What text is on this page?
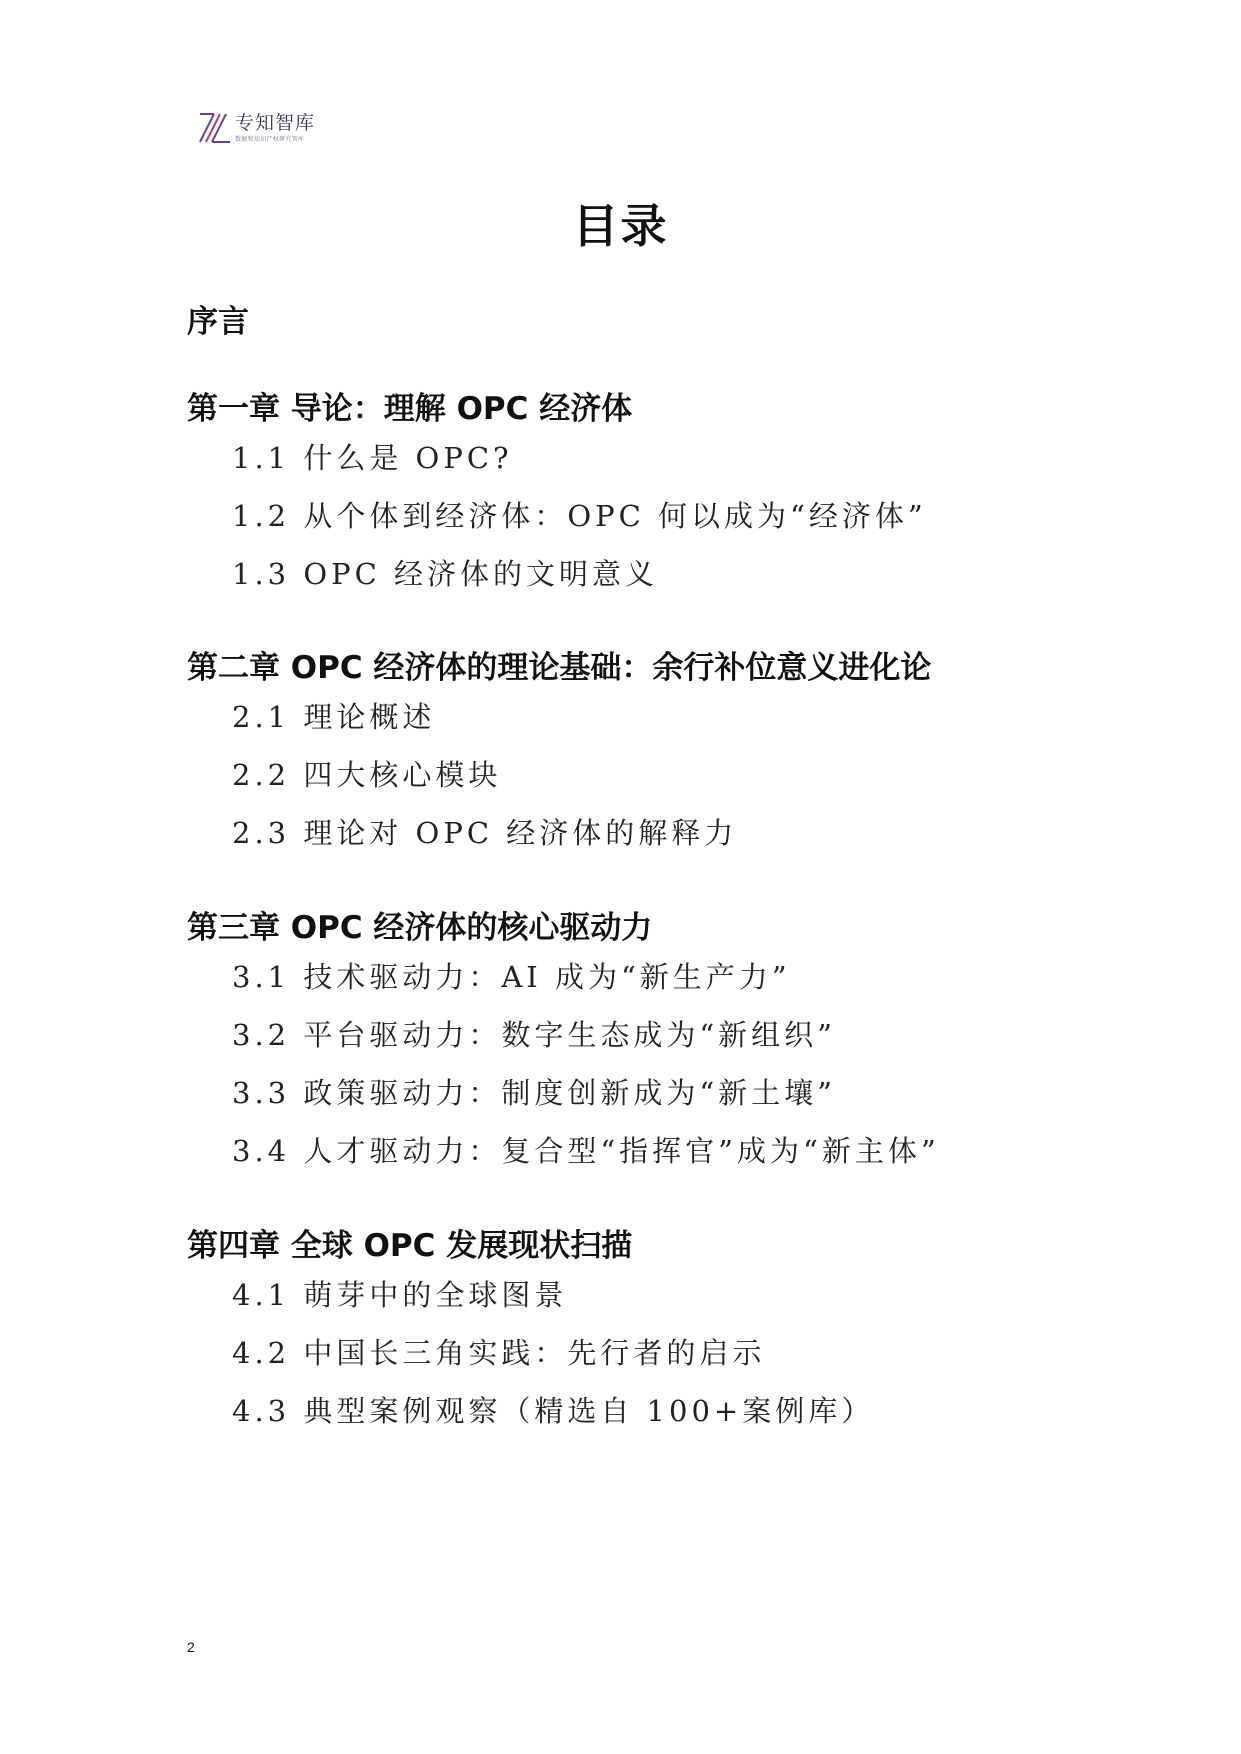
专知智库
数据和知识产权研究智库
目录
序言
第一章 导论：理解 OPC 经济体
1.1 什么是 OPC?
1.2 从个体到经济体：OPC 何以成为“经济体”
1.3 OPC 经济体的文明意义
第二章 OPC 经济体的理论基础：余行补位意义进化论
2.1 理论概述
2.2 四大核心模块
2.3 理论对 OPC 经济体的解释力
第三章 OPC 经济体的核心驱动力
3.1 技术驱动力：AI 成为“新生产力”
3.2 平台驱动力：数字生态成为“新组织”
3.3 政策驱动力：制度创新成为“新土壤”
3.4 人才驱动力：复合型“指挥官”成为“新主体”
第四章 全球 OPC 发展现状扫描
4.1 萌芽中的全球图景
4.2 中国长三角实践：先行者的启示
4.3 典型案例观察（精选自 100+案例库）
2
